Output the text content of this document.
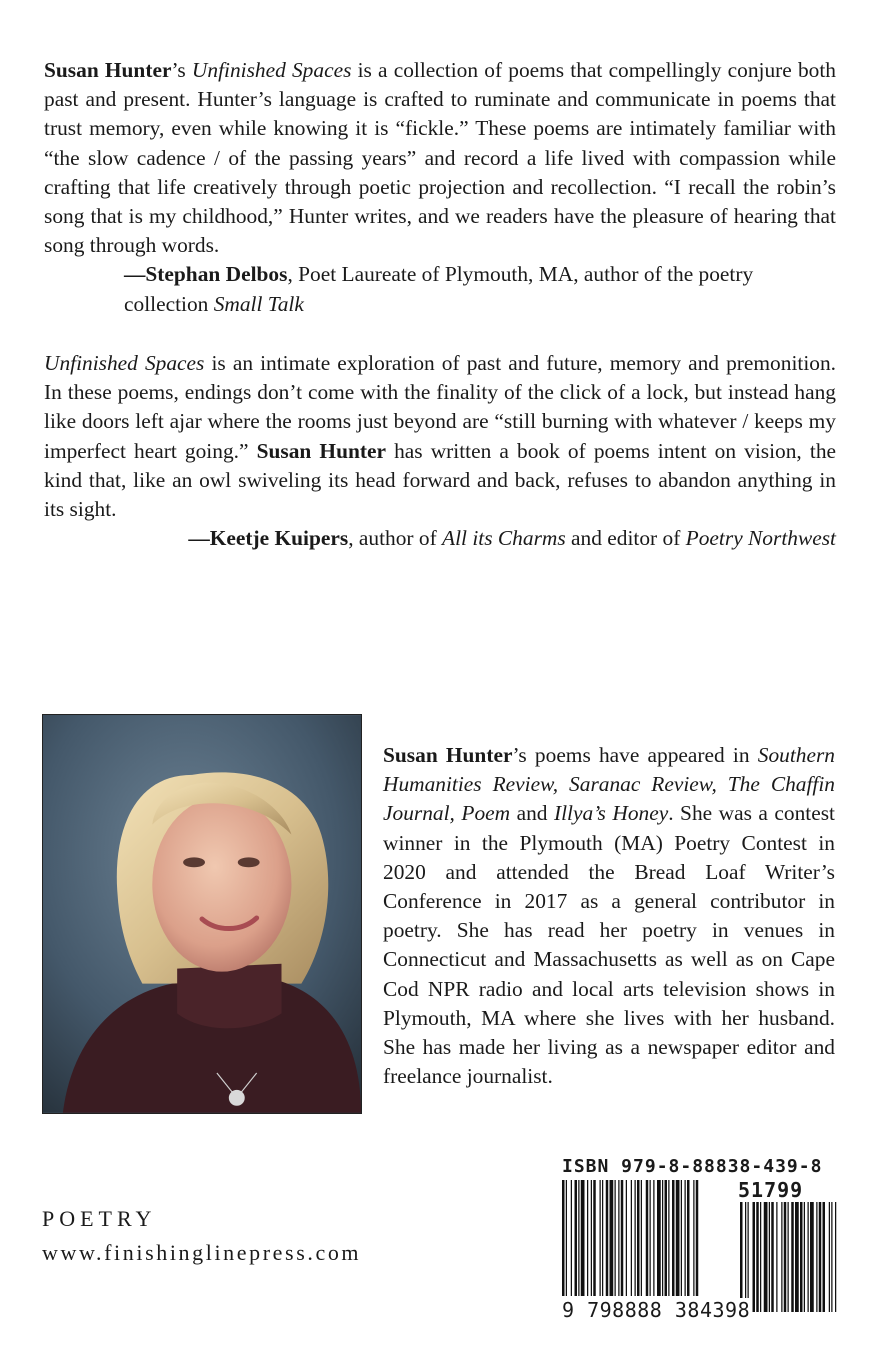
Susan Hunter’s Unfinished Spaces is a collection of poems that compellingly conjure both past and present. Hunter’s language is crafted to ruminate and communicate in poems that trust memory, even while knowing it is “fickle.” These poems are intimately familiar with “the slow cadence / of the passing years” and record a life lived with compassion while crafting that life creatively through poetic projection and recollection. “I recall the robin’s song that is my childhood,” Hunter writes, and we readers have the pleasure of hearing that song through words.

—Stephan Delbos, Poet Laureate of Plymouth, MA, author of the poetry collection Small Talk

Unfinished Spaces is an intimate exploration of past and future, memory and premonition. In these poems, endings don’t come with the finality of the click of a lock, but instead hang like doors left ajar where the rooms just beyond are “still burning with whatever / keeps my imperfect heart going.” Susan Hunter has written a book of poems intent on vision, the kind that, like an owl swiveling its head forward and back, refuses to abandon anything in its sight.

—Keetje Kuipers, author of All its Charms and editor of Poetry Northwest

Susan Hunter’s poems have appeared in Southern Humanities Review, Saranac Review, The Chaffin Journal, Poem and Illya’s Honey. She was a contest winner in the Plymouth (MA) Poetry Contest in 2020 and attended the Bread Loaf Writer’s Conference in 2017 as a general contributor in poetry. She has read her poetry in venues in Connecticut and Massachusetts as well as on Cape Cod NPR radio and local arts television shows in Plymouth, MA where she lives with her husband. She has made her living as a newspaper editor and freelance journalist.

POETRY
www.finishinglinepress.com
ISBN 979-8-88838-439-8
51799
9 798888 384398
